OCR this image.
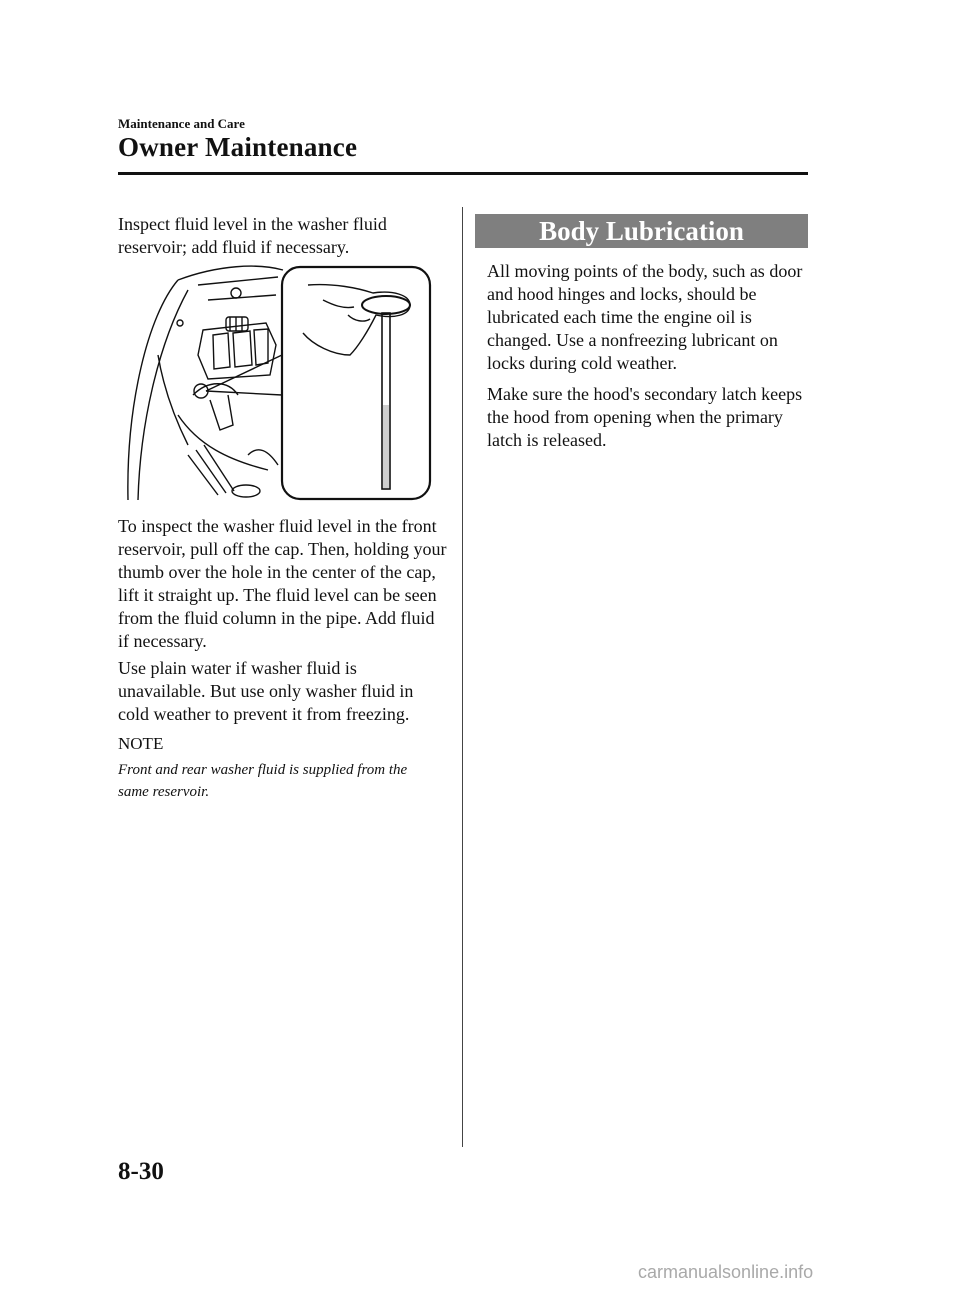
Maintenance and Care
Owner Maintenance

Inspect fluid level in the washer fluid reservoir; add fluid if necessary.

To inspect the washer fluid level in the front reservoir, pull off the cap. Then, holding your thumb over the hole in the center of the cap, lift it straight up. The fluid level can be seen from the fluid column in the pipe. Add fluid if necessary.

Use plain water if washer fluid is unavailable. But use only washer fluid in cold weather to prevent it from freezing.

NOTE

Front and rear washer fluid is supplied from the same reservoir.

Body Lubrication

All moving points of the body, such as door and hood hinges and locks, should be lubricated each time the engine oil is changed. Use a nonfreezing lubricant on locks during cold weather.

Make sure the hood's secondary latch keeps the hood from opening when the primary latch is released.

8-30
carmanualsonline.info
